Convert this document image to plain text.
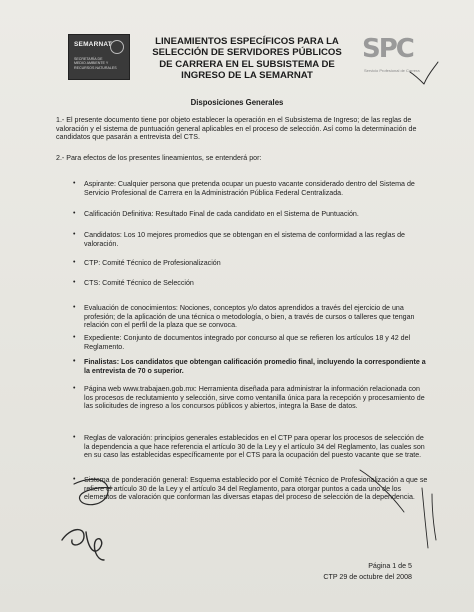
SEMARNAT
SECRETARÍA DE
MEDIO AMBIENTE Y
RECURSOS NATURALES
LINEAMIENTOS ESPECÍFICOS PARA LA
SELECCIÓN DE SERVIDORES PÚBLICOS
DE CARRERA EN EL SUBSISTEMA DE
INGRESO DE LA SEMARNAT
SPC
Servicio Profesional de Carrera
Disposiciones Generales
1.- El presente documento tiene por objeto establecer la operación en el Subsistema de Ingreso; de las reglas de valoración y el sistema de puntuación general aplicables en el proceso de selección. Así como la determinación de candidatos que pasarán a entrevista del CTS.
2.- Para efectos de los presentes lineamientos, se entenderá por:
• Aspirante: Cualquier persona que pretenda ocupar un puesto vacante considerado dentro del Sistema de Servicio Profesional de Carrera en la Administración Pública Federal Centralizada.
• Calificación Definitiva: Resultado Final de cada candidato en el Sistema de Puntuación.
• Candidatos: Los 10 mejores promedios que se obtengan en el sistema de conformidad a las reglas de valoración.
• CTP: Comité Técnico de Profesionalización
• CTS: Comité Técnico de Selección
• Evaluación de conocimientos: Nociones, conceptos y/o datos aprendidos a través del ejercicio de una profesión; de la aplicación de una técnica o metodología, o bien, a través de cursos o talleres que tengan relación con el perfil de la plaza que se convoca.
• Expediente: Conjunto de documentos integrado por concurso al que se refieren los artículos 18 y 42 del Reglamento.
• Finalistas: Los candidatos que obtengan calificación promedio final, incluyendo la correspondiente a la entrevista de 70 o superior.
• Página web www.trabajaen.gob.mx: Herramienta diseñada para administrar la información relacionada con los procesos de reclutamiento y selección, sirve como ventanilla única para la recepción y procesamiento de las solicitudes de ingreso a los concursos públicos y abiertos, integra la Base de datos.
• Reglas de valoración: principios generales establecidos en el CTP para operar los procesos de selección de la dependencia a que hace referencia el artículo 30 de la Ley y el artículo 34 del Reglamento, las cuales son en su caso las establecidas específicamente por el CTS para la ocupación del puesto vacante que se trate.
• Sistema de ponderación general: Esquema establecido por el Comité Técnico de Profesionalización a que se refiere el artículo 30 de la Ley y el artículo 34 del Reglamento, para otorgar puntos a cada uno de los elementos de valoración que conforman las diversas etapas del proceso de selección de la dependencia.
Página 1 de 5
CTP 29 de octubre del 2008
